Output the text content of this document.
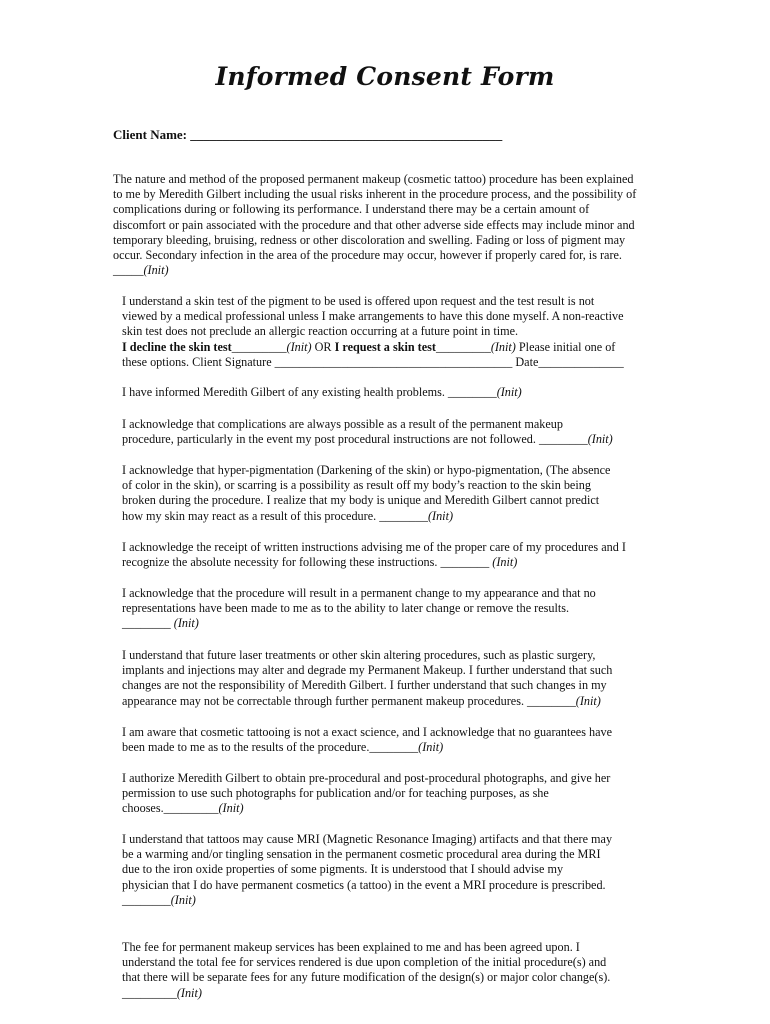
Informed Consent Form
Client Name: ________________________________________________
The nature and method of the proposed permanent makeup (cosmetic tattoo) procedure has been explained
to me by Meredith Gilbert including the usual risks inherent in the procedure process, and the possibility of
complications during or following its performance. I understand there may be a certain amount of
discomfort or pain associated with the procedure and that other adverse side effects may include minor and
temporary bleeding, bruising, redness or other discoloration and swelling. Fading or loss of pigment may
occur. Secondary infection in the area of the procedure may occur, however if properly cared for, is rare.
_____(Init)
I understand a skin test of the pigment to be used is offered upon request and the test result is not
viewed by a medical professional unless I make arrangements to have this done myself. A non-reactive
skin test does not preclude an allergic reaction occurring at a future point in time.
I decline the skin test_________(Init) OR I request a skin test_________(Init) Please initial one of
these options. Client Signature _______________________________________ Date______________
I have informed Meredith Gilbert of any existing health problems. ________(Init)
I acknowledge that complications are always possible as a result of the permanent makeup
procedure, particularly in the event my post procedural instructions are not followed. ________(Init)
I acknowledge that hyper-pigmentation (Darkening of the skin) or hypo-pigmentation, (The absence
of color in the skin), or scarring is a possibility as result off my body’s reaction to the skin being
broken during the procedure. I realize that my body is unique and Meredith Gilbert cannot predict
how my skin may react as a result of this procedure. ________(Init)
I acknowledge the receipt of written instructions advising me of the proper care of my procedures and I
recognize the absolute necessity for following these instructions. ________ (Init)
I acknowledge that the procedure will result in a permanent change to my appearance and that no
representations have been made to me as to the ability to later change or remove the results.
________ (Init)
I understand that future laser treatments or other skin altering procedures, such as plastic surgery,
implants and injections may alter and degrade my Permanent Makeup. I further understand that such
changes are not the responsibility of Meredith Gilbert. I further understand that such changes in my
appearance may not be correctable through further permanent makeup procedures. ________(Init)
I am aware that cosmetic tattooing is not a exact science, and I acknowledge that no guarantees have
been made to me as to the results of the procedure.________(Init)
I authorize Meredith Gilbert to obtain pre-procedural and post-procedural photographs, and give her
permission to use such photographs for publication and/or for teaching purposes, as she
chooses._________(Init)
I understand that tattoos may cause MRI (Magnetic Resonance Imaging) artifacts and that there may
be a warming and/or tingling sensation in the permanent cosmetic procedural area during the MRI
due to the iron oxide properties of some pigments. It is understood that I should advise my
physician that I do have permanent cosmetics (a tattoo) in the event a MRI procedure is prescribed.
________(Init)
The fee for permanent makeup services has been explained to me and has been agreed upon. I
understand the total fee for services rendered is due upon completion of the initial procedure(s) and
that there will be separate fees for any future modification of the design(s) or major color change(s).
_________(Init)
